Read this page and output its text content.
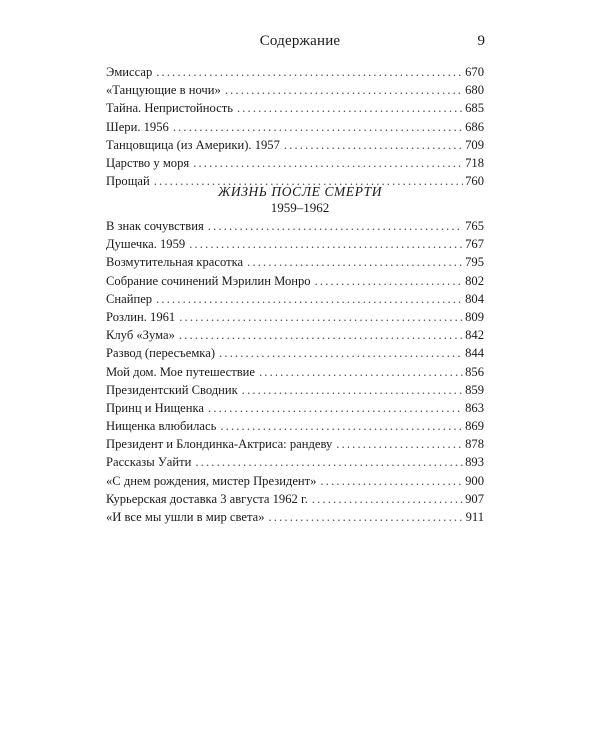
Содержание	9
Эмиссар . . .	670
«Танцующие в ночи» . . .	680
Тайна. Непристойность . . .	685
Шери. 1956 . . .	686
Танцовщица (из Америки). 1957 . . .	709
Царство у моря . . .	718
Прощай . . .	760
ЖИЗНЬ ПОСЛЕ СМЕРТИ
1959–1962
В знак сочувствия . . .	765
Душечка. 1959 . . .	767
Возмутительная красотка . . .	795
Собрание сочинений Мэрилин Монро . . .	802
Снайпер . . .	804
Розлин. 1961 . . .	809
Клуб «Зума» . . .	842
Развод (пересъемка) . . .	844
Мой дом. Мое путешествие . . .	856
Президентский Сводник . . .	859
Принц и Нищенка . . .	863
Нищенка влюбилась . . .	869
Президент и Блондинка-Актриса: рандеву . . .	878
Рассказы Уайти . . .	893
«С днем рождения, мистер Президент» . . .	900
Курьерская доставка 3 августа 1962 г. . . .	907
«И все мы ушли в мир света» . . .	911
